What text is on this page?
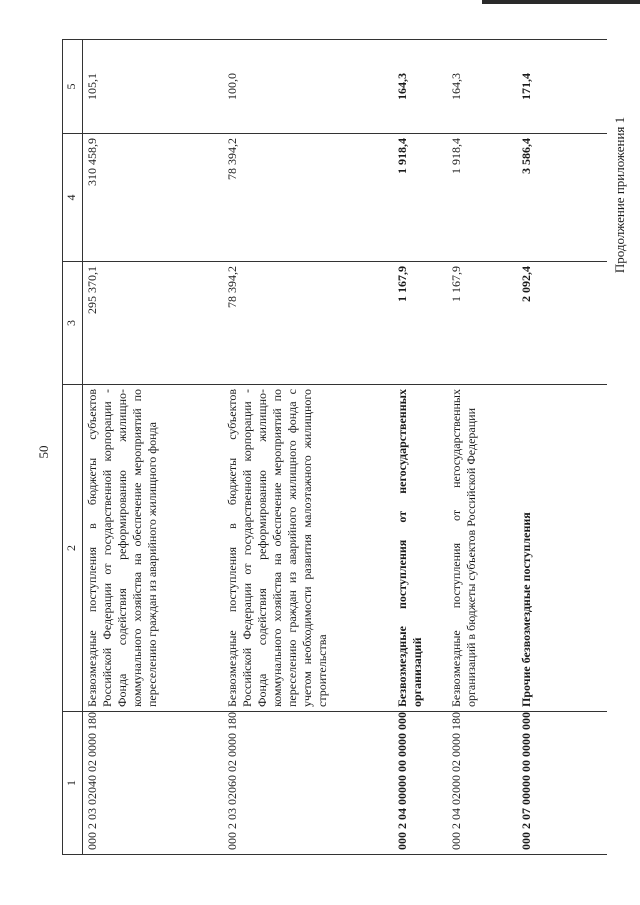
50
Продолжение приложения 1
1	2	3	4	5
000 2 03 02040 02 0000 180	Безвозмездные поступления в бюджеты субъектов Российской Федерации от государственной корпорации - Фонда содействия реформированию жилищно-коммунального хозяйства на обеспечение мероприятий по переселению граждан из аварийного жилищного фонда	295 370,1	310 458,9	105,1
000 2 03 02060 02 0000 180	Безвозмездные поступления в бюджеты субъектов Российской Федерации от государственной корпорации - Фонда содействия реформированию жилищно-коммунального хозяйства на обеспечение мероприятий по переселению граждан из аварийного жилищного фонда с учетом необходимости развития малоэтажного жилищного строительства	78 394,2	78 394,2	100,0
000 2 04 00000 00 0000 000	Безвозмездные поступления от негосударственных организаций	1 167,9	1 918,4	164,3
000 2 04 02000 02 0000 180	Безвозмездные поступления от негосударственных организаций в бюджеты субъектов Российской Федерации	1 167,9	1 918,4	164,3
000 2 07 00000 00 0000 000	Прочие безвозмездные поступления	2 092,4	3 586,4	171,4
